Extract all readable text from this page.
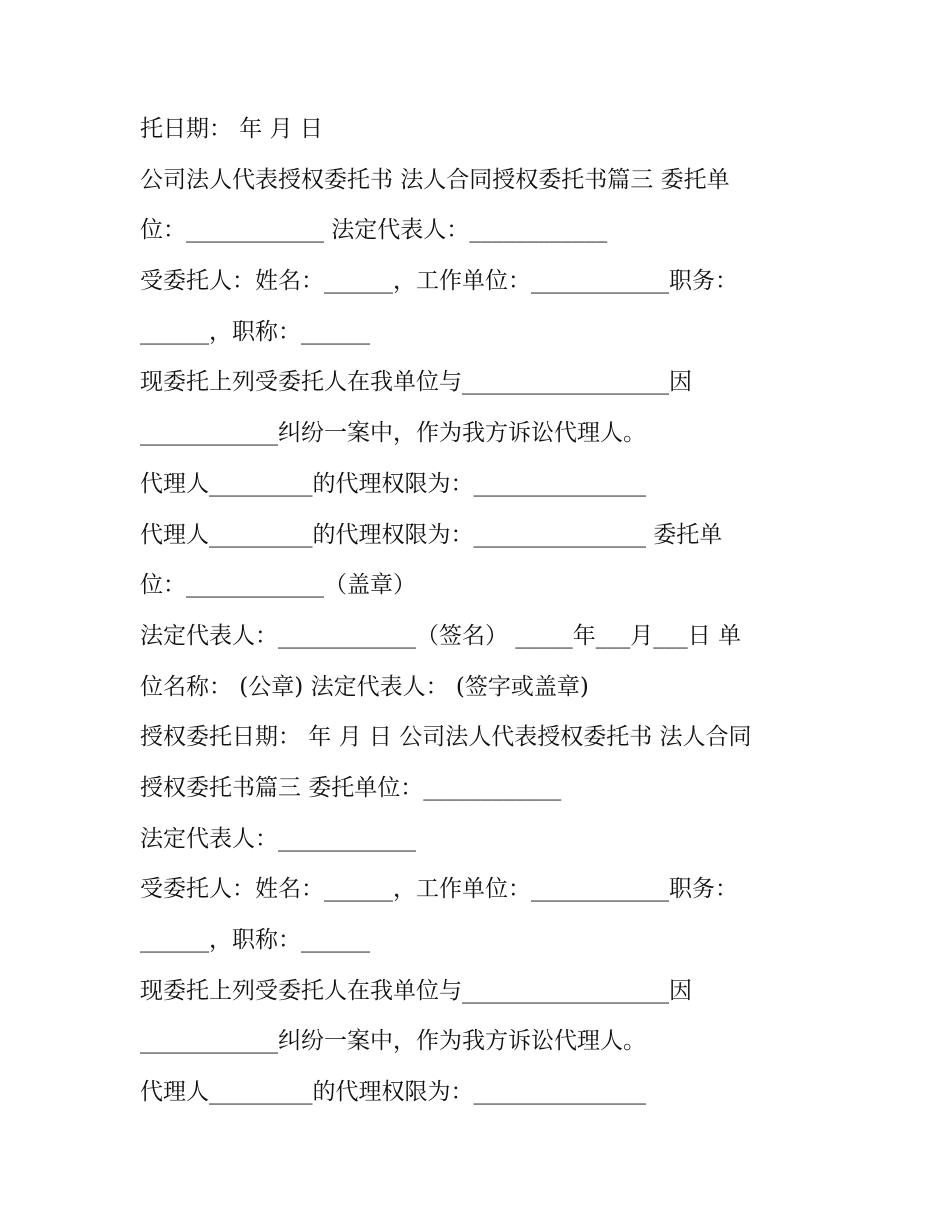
托日期： 年 月 日

公司法人代表授权委托书 法人合同授权委托书篇三 委托单

位：____________ 法定代表人：____________

受委托人：姓名：______，工作单位：____________职务：

______，职称：______

现委托上列受委托人在我单位与__________________因

____________纠纷一案中，作为我方诉讼代理人。

代理人_________的代理权限为：_______________

代理人_________的代理权限为：_______________ 委托单

位：____________（盖章）

法定代表人：____________（签名） _____年___月___日 单

位名称： (公章) 法定代表人： (签字或盖章)

授权委托日期： 年 月 日 公司法人代表授权委托书 法人合同

授权委托书篇三 委托单位：____________

法定代表人：____________

受委托人：姓名：______，工作单位：____________职务：

______，职称：______

现委托上列受委托人在我单位与__________________因

____________纠纷一案中，作为我方诉讼代理人。

代理人_________的代理权限为：_______________
